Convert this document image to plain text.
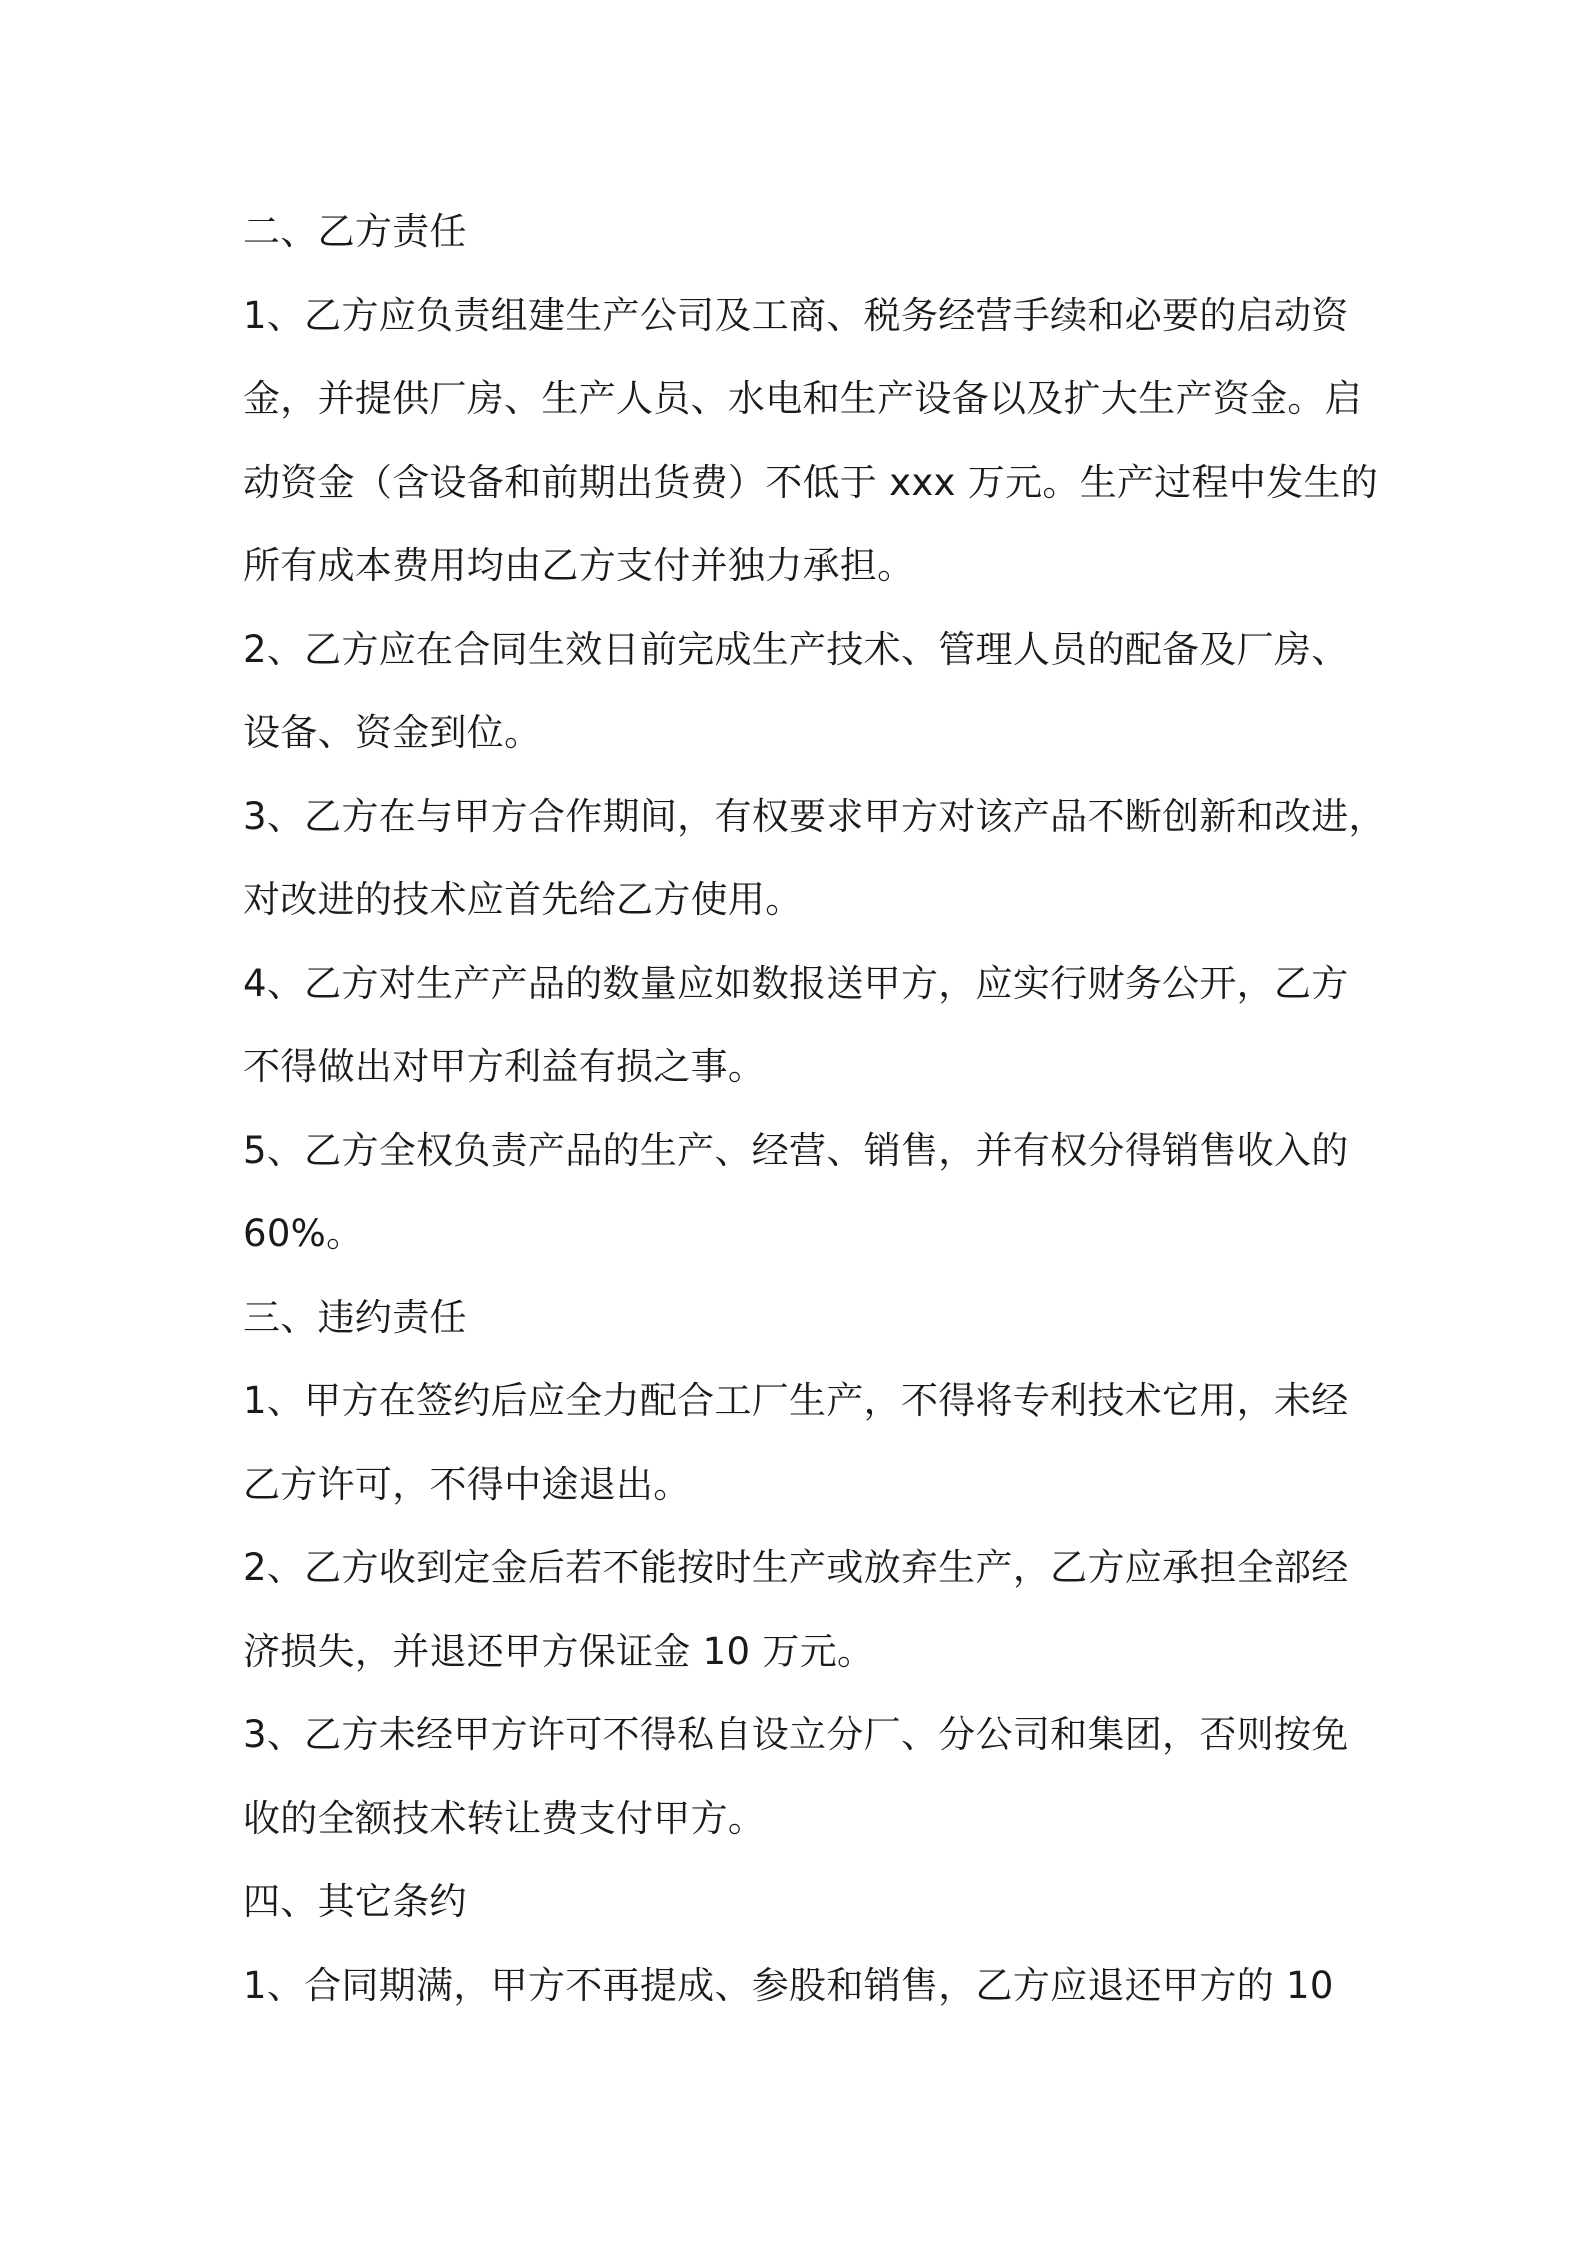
二、乙方责任
1、乙方应负责组建生产公司及工商、税务经营手续和必要的启动资
金，并提供厂房、生产人员、水电和生产设备以及扩大生产资金。启
动资金（含设备和前期出货费）不低于 xxx 万元。生产过程中发生的
所有成本费用均由乙方支付并独力承担。
2、乙方应在合同生效日前完成生产技术、管理人员的配备及厂房、
设备、资金到位。
3、乙方在与甲方合作期间，有权要求甲方对该产品不断创新和改进，
对改进的技术应首先给乙方使用。
4、乙方对生产产品的数量应如数报送甲方，应实行财务公开，乙方
不得做出对甲方利益有损之事。
5、乙方全权负责产品的生产、经营、销售，并有权分得销售收入的
60%。
三、违约责任
1、甲方在签约后应全力配合工厂生产，不得将专利技术它用，未经
乙方许可，不得中途退出。
2、乙方收到定金后若不能按时生产或放弃生产，乙方应承担全部经
济损失，并退还甲方保证金 10 万元。
3、乙方未经甲方许可不得私自设立分厂、分公司和集团，否则按免
收的全额技术转让费支付甲方。
四、其它条约
1、合同期满，甲方不再提成、参股和销售，乙方应退还甲方的 10
